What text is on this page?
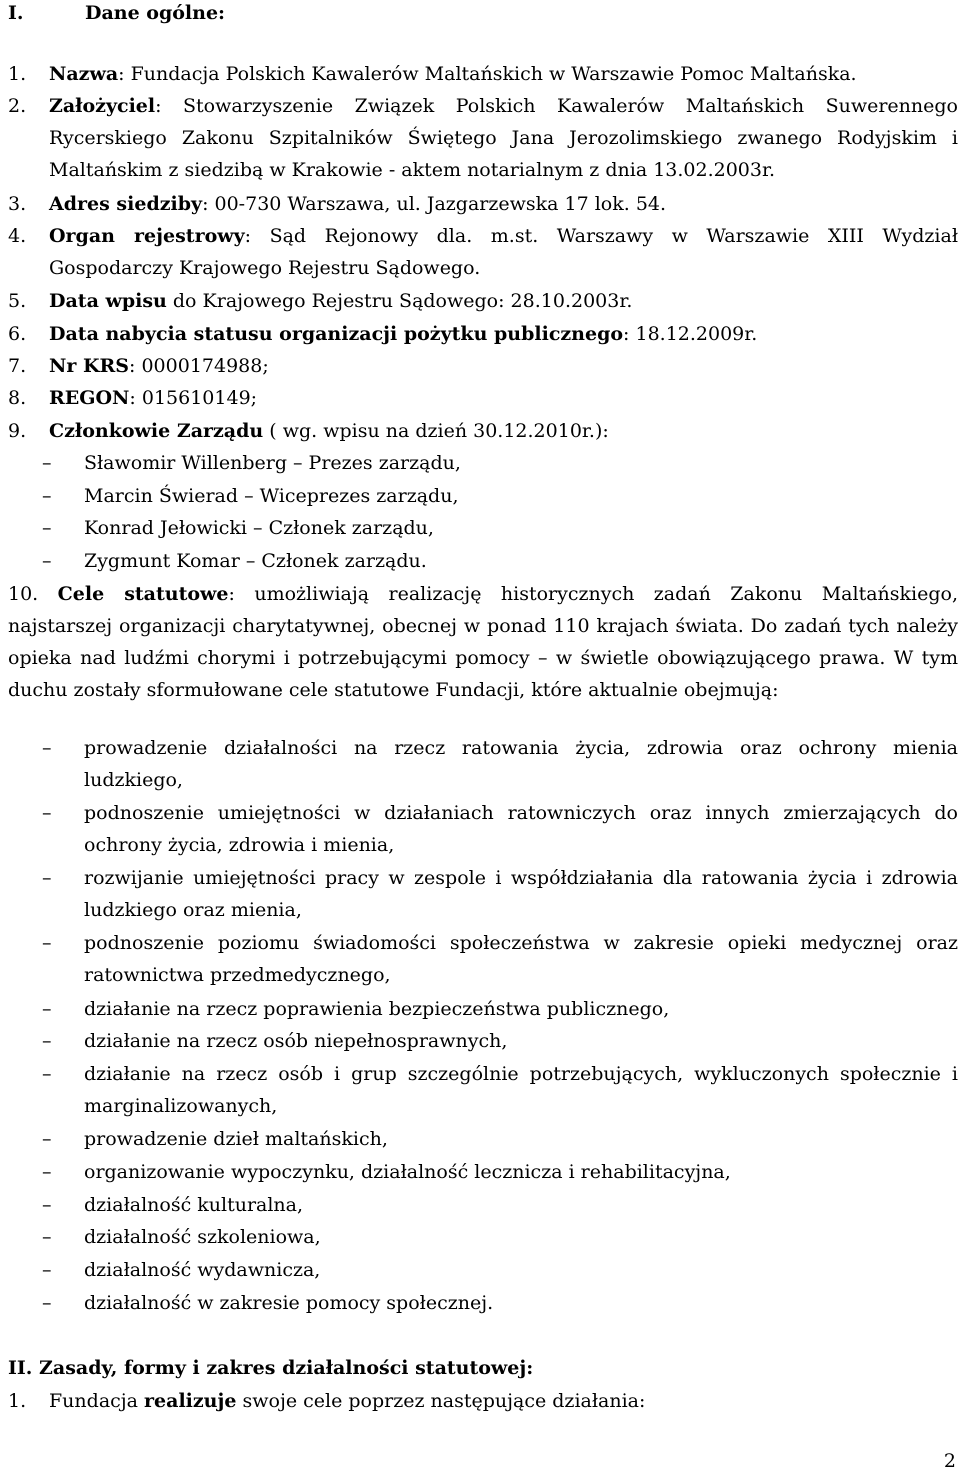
I.	Dane ogólne:
1. Nazwa: Fundacja Polskich Kawalerów Maltańskich w Warszawie Pomoc Maltańska.
2. Założyciel: Stowarzyszenie Związek Polskich Kawalerów Maltańskich Suwerennego Rycerskiego Zakonu Szpitalników Świętego Jana Jerozolimskiego zwanego Rodyjskim i Maltańskim z siedzibą w Krakowie - aktem notarialnym z dnia 13.02.2003r.
3. Adres siedziby: 00-730 Warszawa, ul. Jazgarzewska 17 lok. 54.
4. Organ rejestrowy: Sąd Rejonowy dla. m.st. Warszawy w Warszawie XIII Wydział Gospodarczy Krajowego Rejestru Sądowego.
5. Data wpisu do Krajowego Rejestru Sądowego: 28.10.2003r.
6. Data nabycia statusu organizacji pożytku publicznego: 18.12.2009r.
7. Nr KRS: 0000174988;
8. REGON: 015610149;
9. Członkowie Zarządu ( wg. wpisu na dzień 30.12.2010r.):
– Sławomir Willenberg – Prezes zarządu,
– Marcin Świerad – Wiceprezes zarządu,
– Konrad Jełowicki – Członek zarządu,
– Zygmunt Komar – Członek zarządu.
10. Cele statutowe: umożliwiają realizację historycznych zadań Zakonu Maltańskiego, najstarszej organizacji charytatywnej, obecnej w ponad 110 krajach świata. Do zadań tych należy opieka nad ludźmi chorymi i potrzebującymi pomocy – w świetle obowiązującego prawa. W tym duchu zostały sformułowane cele statutowe Fundacji, które aktualnie obejmują:
– prowadzenie działalności na rzecz ratowania życia, zdrowia oraz ochrony mienia ludzkiego,
– podnoszenie umiejętności w działaniach ratowniczych oraz innych zmierzających do ochrony życia, zdrowia i mienia,
– rozwijanie umiejętności pracy w zespole i współdziałania dla ratowania życia i zdrowia ludzkiego oraz mienia,
– podnoszenie poziomu świadomości społeczeństwa w zakresie opieki medycznej oraz ratownictwa przedmedycznego,
– działanie na rzecz poprawienia bezpieczeństwa publicznego,
– działanie na rzecz osób niepełnosprawnych,
– działanie na rzecz osób i grup szczególnie potrzebujących, wykluczonych społecznie i marginalizowanych,
– prowadzenie dzieł maltańskich,
– organizowanie wypoczynku, działalność lecznicza i rehabilitacyjna,
– działalność kulturalna,
– działalność szkoleniowa,
– działalność wydawnicza,
– działalność w zakresie pomocy społecznej.
II. Zasady, formy i zakres działalności statutowej:
1. Fundacja realizuje swoje cele poprzez następujące działania:
2
